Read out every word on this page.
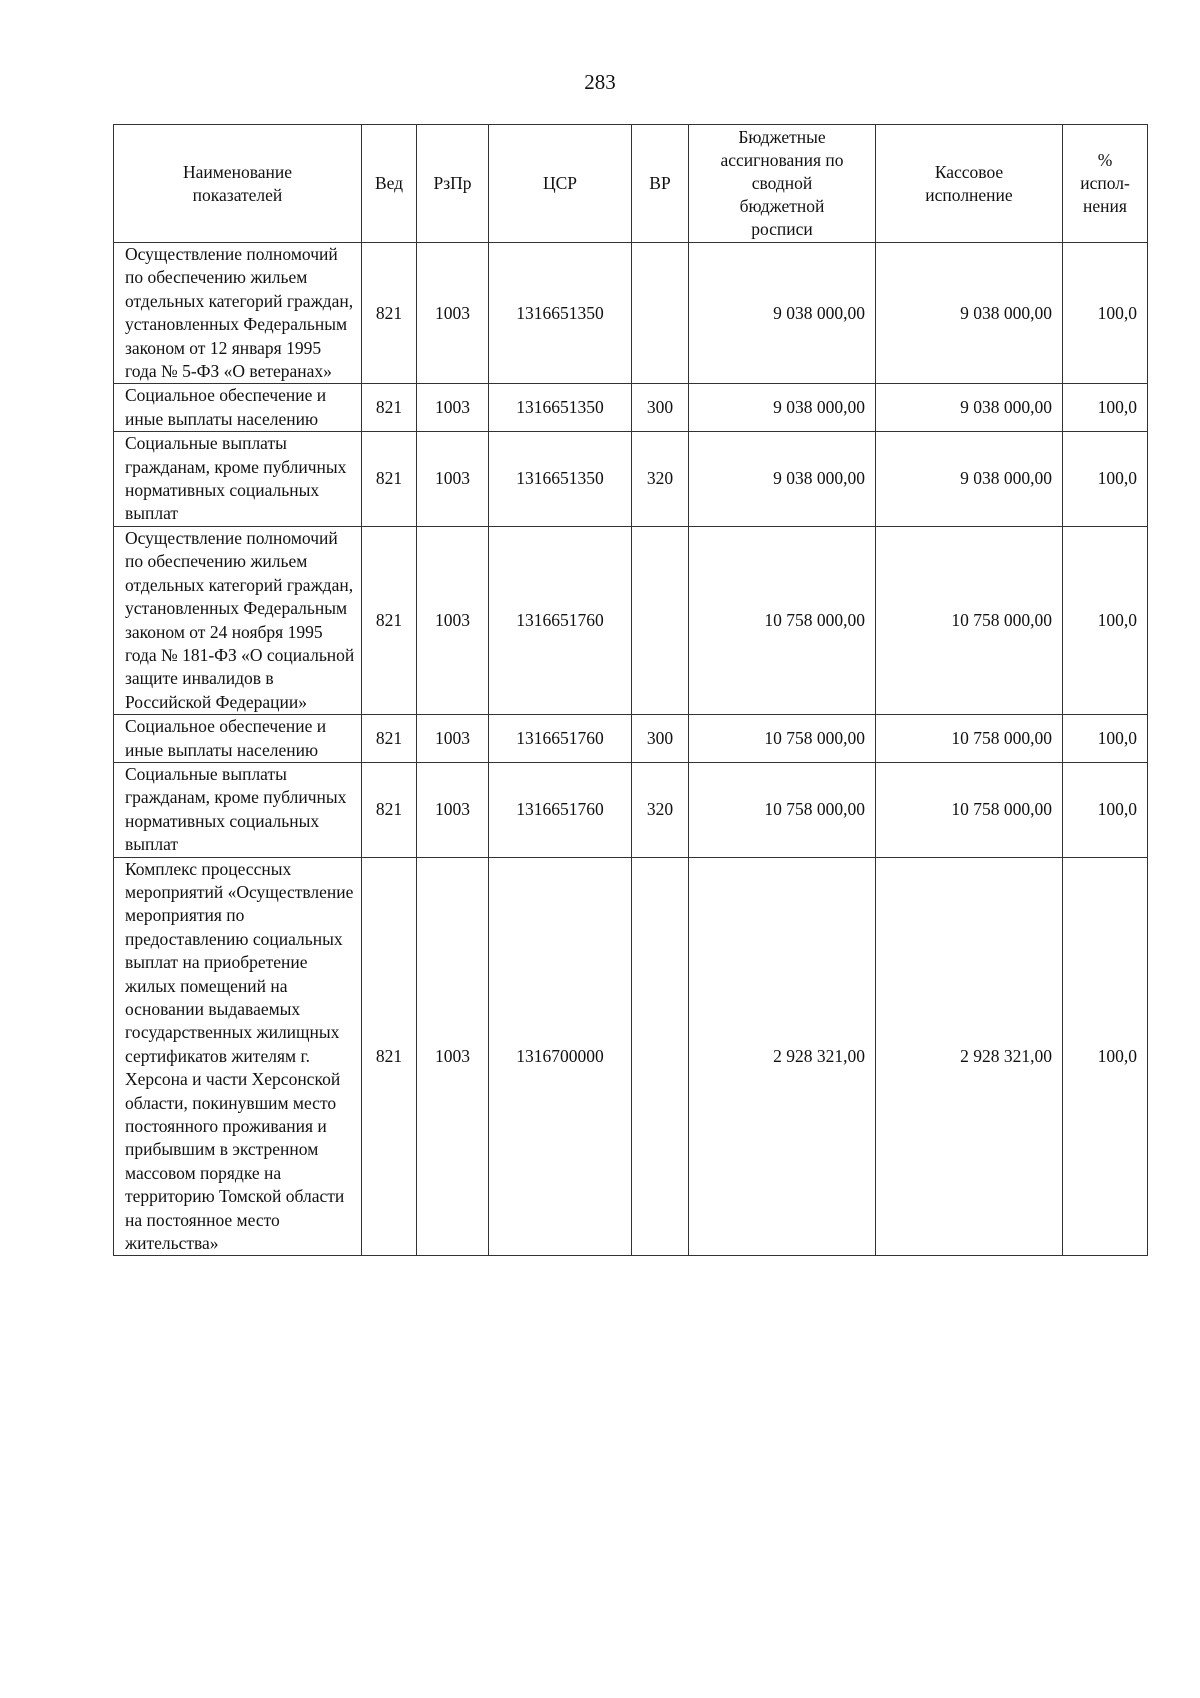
283
Наименование показателей	Вед	РзПр	ЦСР	ВР	Бюджетные ассигнования по сводной бюджетной росписи	Кассовое исполнение	% испол-нения
Осуществление полномочий по обеспечению жильем отдельных категорий граждан, установленных Федеральным законом от 12 января 1995 года № 5-ФЗ «О ветеранах»	821	1003	1316651350		9 038 000,00	9 038 000,00	100,0
Социальное обеспечение и иные выплаты населению	821	1003	1316651350	300	9 038 000,00	9 038 000,00	100,0
Социальные выплаты гражданам, кроме публичных нормативных социальных выплат	821	1003	1316651350	320	9 038 000,00	9 038 000,00	100,0
Осуществление полномочий по обеспечению жильем отдельных категорий граждан, установленных Федеральным законом от 24 ноября 1995 года № 181-ФЗ «О социальной защите инвалидов в Российской Федерации»	821	1003	1316651760		10 758 000,00	10 758 000,00	100,0
Социальное обеспечение и иные выплаты населению	821	1003	1316651760	300	10 758 000,00	10 758 000,00	100,0
Социальные выплаты гражданам, кроме публичных нормативных социальных выплат	821	1003	1316651760	320	10 758 000,00	10 758 000,00	100,0
Комплекс процессных мероприятий «Осуществление мероприятия по предоставлению социальных выплат на приобретение жилых помещений на основании выдаваемых государственных жилищных сертификатов жителям г. Херсона и части Херсонской области, покинувшим место постоянного проживания и прибывшим в экстренном массовом порядке на территорию Томской области на постоянное место жительства»	821	1003	1316700000		2 928 321,00	2 928 321,00	100,0
